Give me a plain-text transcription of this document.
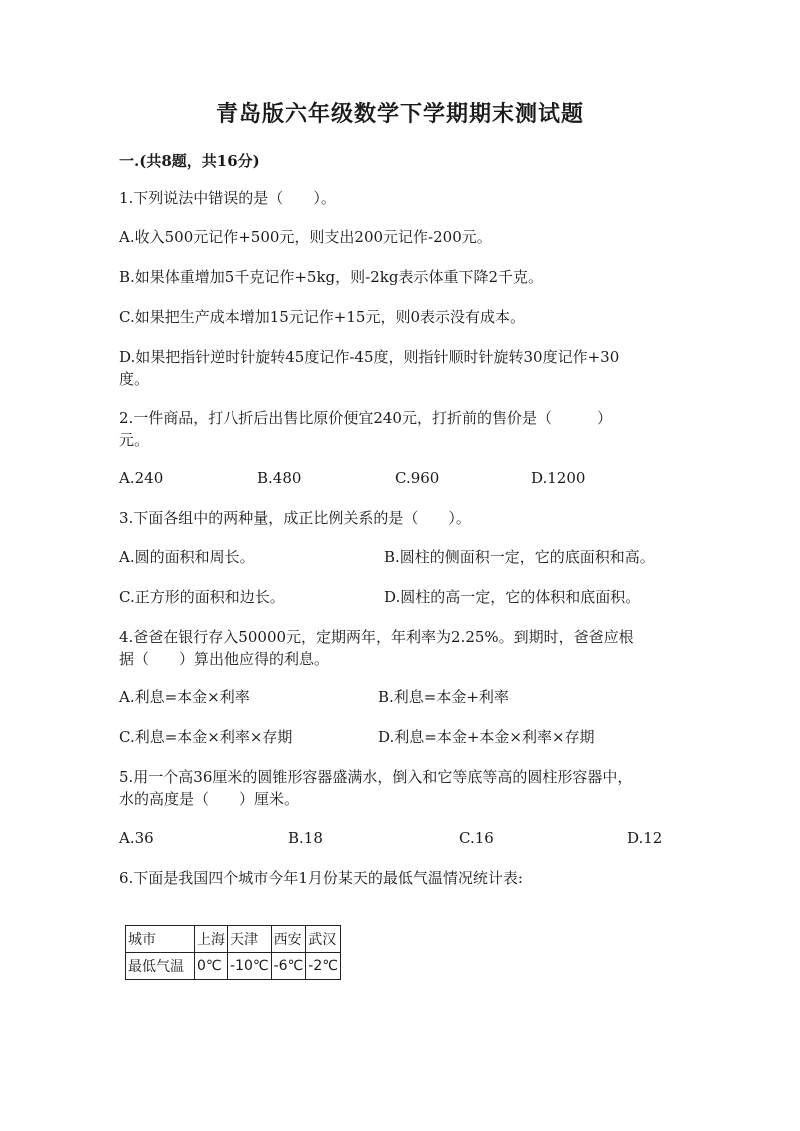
青岛版六年级数学下学期期末测试题
一.(共8题，共16分)
1.下列说法中错误的是（　　）。
A.收入500元记作+500元，则支出200元记作-200元。
B.如果体重增加5千克记作+5kg，则-2kg表示体重下降2千克。
C.如果把生产成本增加15元记作+15元，则0表示没有成本。
D.如果把指针逆时针旋转45度记作-45度，则指针顺时针旋转30度记作+30
度。
2.一件商品，打八折后出售比原价便宜240元，打折前的售价是（　　　）
元。
A.240	B.480	C.960	D.1200
3.下面各组中的两种量，成正比例关系的是（　　）。
A.圆的面积和周长。	B.圆柱的侧面积一定，它的底面积和高。
C.正方形的面积和边长。	D.圆柱的高一定，它的体积和底面积。
4.爸爸在银行存入50000元，定期两年，年利率为2.25%。到期时，爸爸应根
据（　　）算出他应得的利息。
A.利息=本金×利率	B.利息=本金+利率
C.利息=本金×利率×存期	D.利息=本金+本金×利率×存期
5.用一个高36厘米的圆锥形容器盛满水，倒入和它等底等高的圆柱形容器中，
水的高度是（　　）厘米。
A.36	B.18	C.16	D.12
6.下面是我国四个城市今年1月份某天的最低气温情况统计表:
城市	上海	天津	西安	武汉
最低气温	0℃	-10℃	-6℃	-2℃
